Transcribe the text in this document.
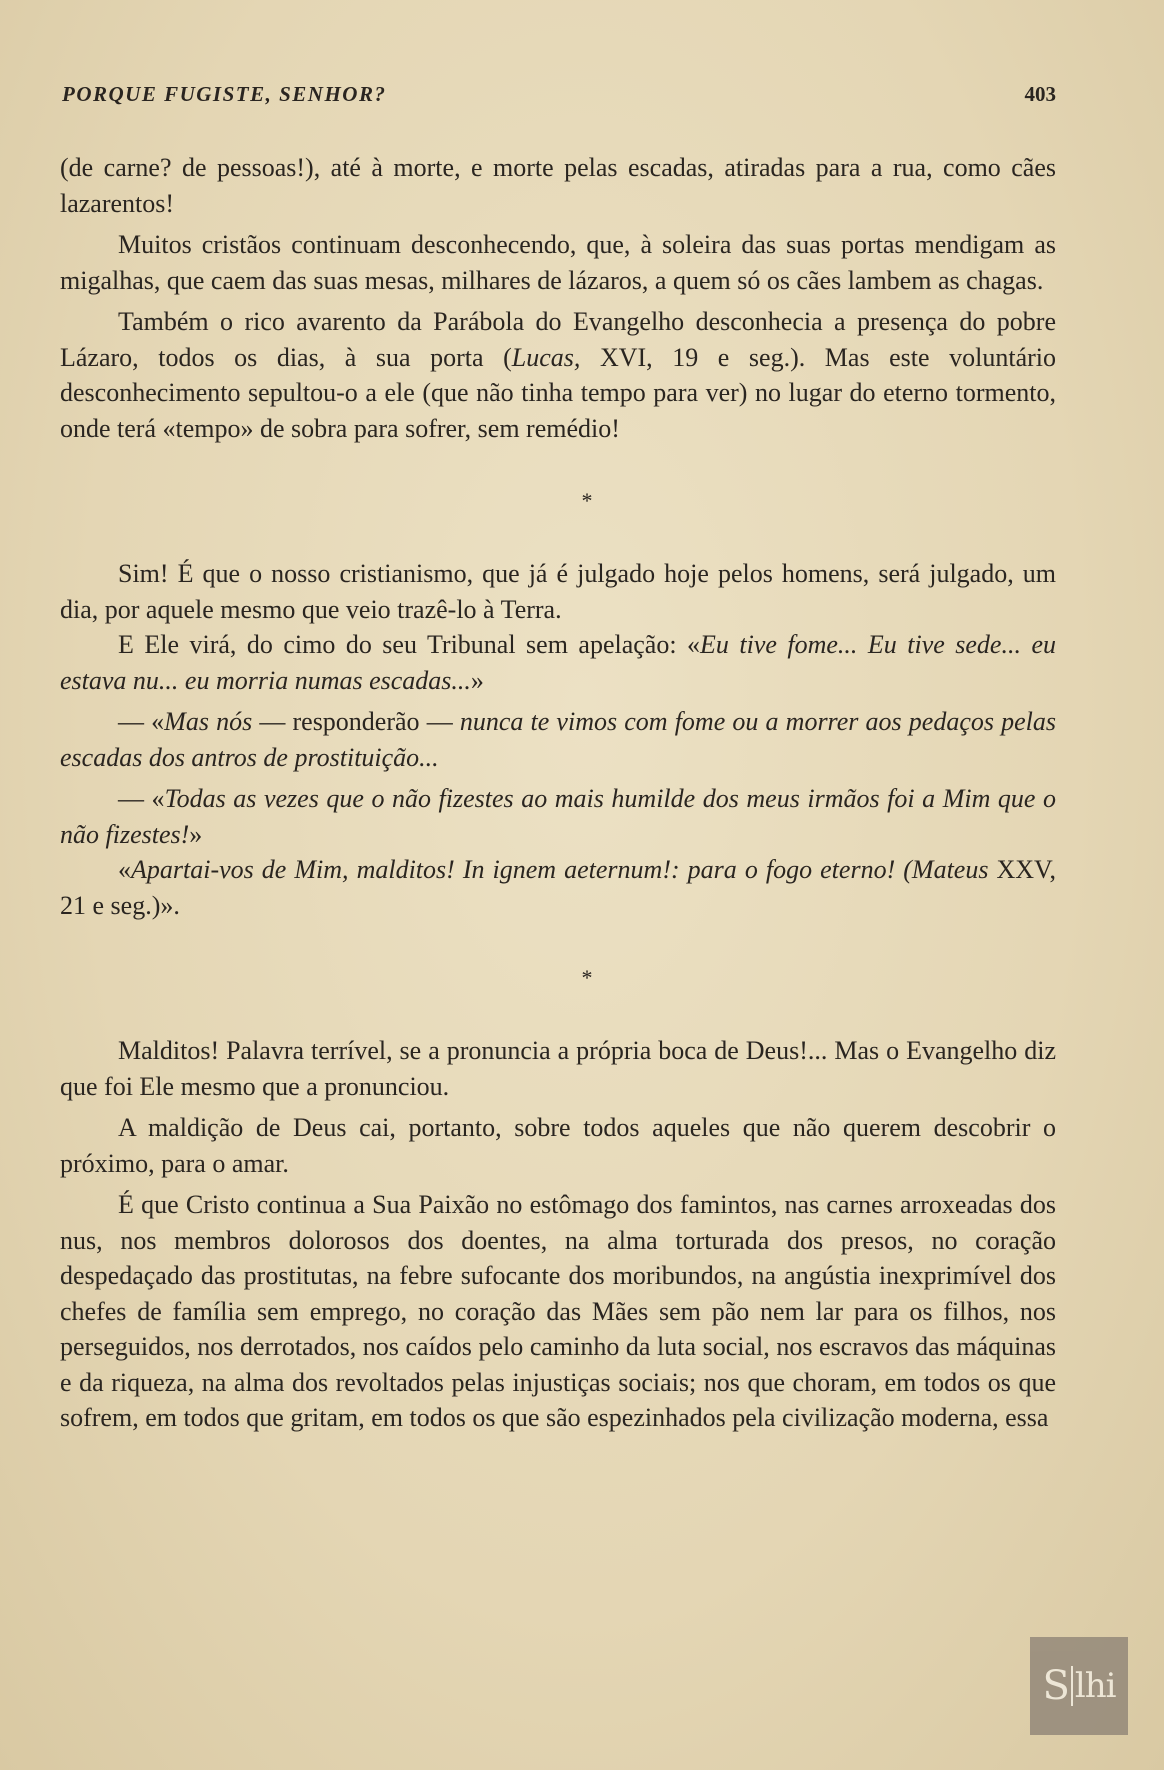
PORQUE FUGISTE, SENHOR?	403

(de carne? de pessoas!), até à morte, e morte pelas escadas, atiradas para a rua, como cães lazarentos!

Muitos cristãos continuam desconhecendo, que, à soleira das suas portas mendigam as migalhas, que caem das suas mesas, milhares de lázaros, a quem só os cães lambem as chagas.

Também o rico avarento da Parábola do Evangelho desconhecia a presença do pobre Lázaro, todos os dias, à sua porta (Lucas, XVI, 19 e seg.). Mas este voluntário desconhecimento sepultou-o a ele (que não tinha tempo para ver) no lugar do eterno tormento, onde terá «tempo» de sobra para sofrer, sem remédio!

*

Sim! É que o nosso cristianismo, que já é julgado hoje pelos homens, será julgado, um dia, por aquele mesmo que veio trazê-lo à Terra.

E Ele virá, do cimo do seu Tribunal sem apelação: «Eu tive fome... Eu tive sede... eu estava nu... eu morria numas escadas...»

— «Mas nós — responderão — nunca te vimos com fome ou a morrer aos pedaços pelas escadas dos antros de prostituição...

— «Todas as vezes que o não fizestes ao mais humilde dos meus irmãos foi a Mim que o não fizestes!»

«Apartai-vos de Mim, malditos! In ignem aeternum!: para o fogo eterno! (Mateus XXV, 21 e seg.)».

*

Malditos! Palavra terrível, se a pronuncia a própria boca de Deus!... Mas o Evangelho diz que foi Ele mesmo que a pronunciou.

A maldição de Deus cai, portanto, sobre todos aqueles que não querem descobrir o próximo, para o amar.

É que Cristo continua a Sua Paixão no estômago dos famintos, nas carnes arroxeadas dos nus, nos membros dolorosos dos doentes, na alma torturada dos presos, no coração despedaçado das prostitutas, na febre sufocante dos moribundos, na angústia inexprimível dos chefes de família sem emprego, no coração das Mães sem pão nem lar para os filhos, nos perseguidos, nos derrotados, nos caídos pelo caminho da luta social, nos escravos das máquinas e da riqueza, na alma dos revoltados pelas injustiças sociais; nos que choram, em todos os que sofrem, em todos que gritam, em todos os que são espezinhados pela civilização moderna, essa

S lhi
